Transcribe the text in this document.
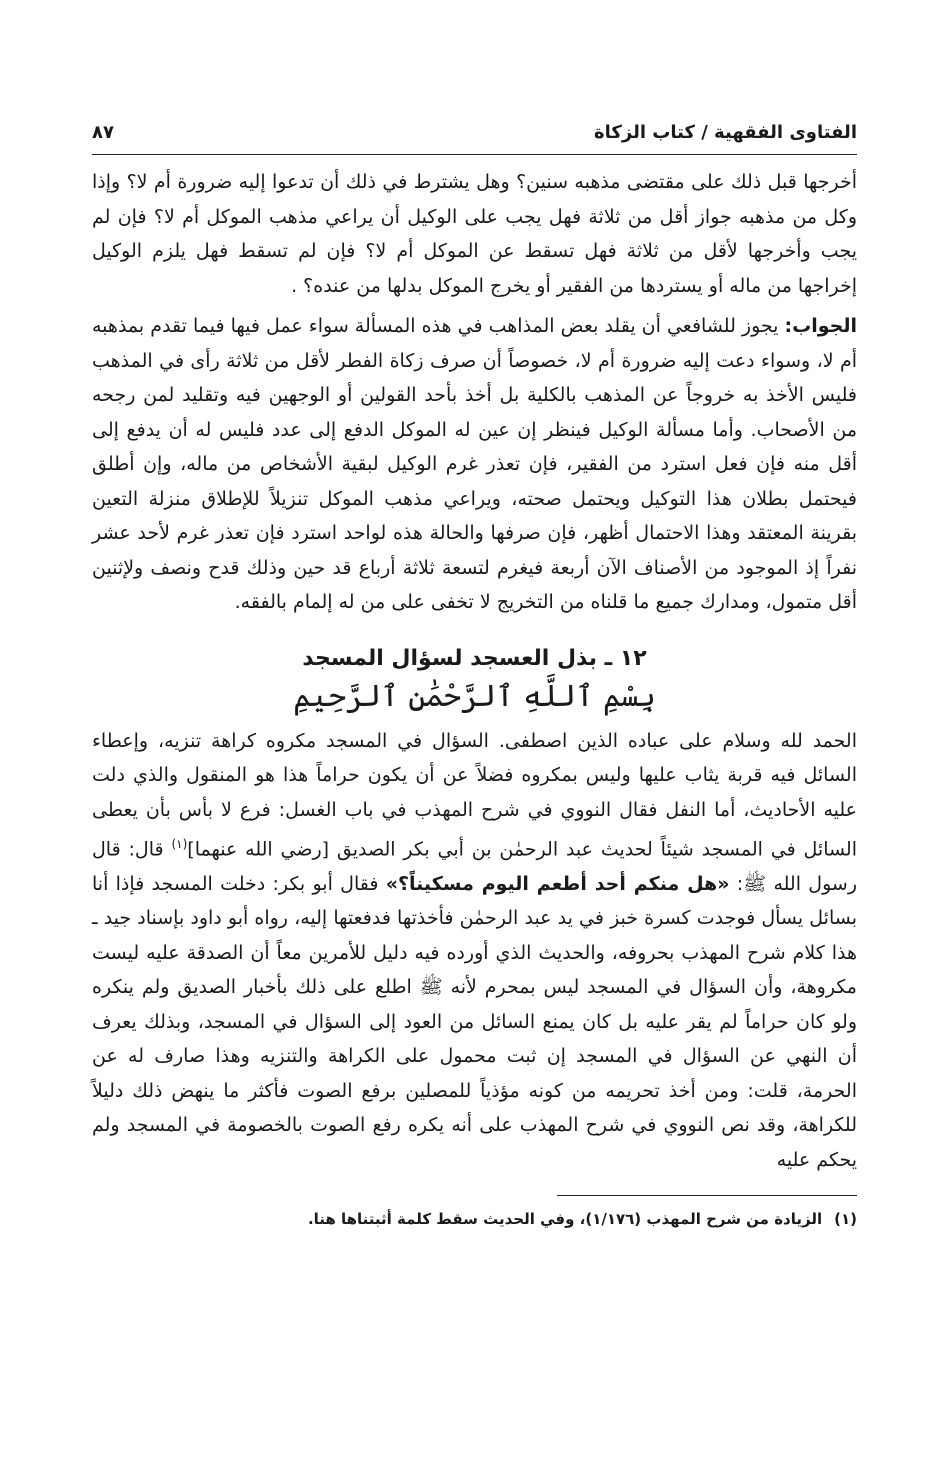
الفتاوى الفقهية / كتاب الزكاة
٨٧

أخرجها قبل ذلك على مقتضى مذهبه سنين؟ وهل يشترط في ذلك أن تدعوا إليه ضرورة أم لا؟ وإذا وكل من مذهبه جواز أقل من ثلاثة فهل يجب على الوكيل أن يراعي مذهب الموكل أم لا؟ فإن لم يجب وأخرجها لأقل من ثلاثة فهل تسقط عن الموكل أم لا؟ فإن لم تسقط فهل يلزم الوكيل إخراجها من ماله أو يستردها من الفقير أو يخرج الموكل بدلها من عنده؟ .

الجواب: يجوز للشافعي أن يقلد بعض المذاهب في هذه المسألة سواء عمل فيها فيما تقدم بمذهبه أم لا، وسواء دعت إليه ضرورة أم لا، خصوصاً أن صرف زكاة الفطر لأقل من ثلاثة رأى في المذهب فليس الأخذ به خروجاً عن المذهب بالكلية بل أخذ بأحد القولين أو الوجهين فيه وتقليد لمن رجحه من الأصحاب. وأما مسألة الوكيل فينظر إن عين له الموكل الدفع إلى عدد فليس له أن يدفع إلى أقل منه فإن فعل استرد من الفقير، فإن تعذر غرم الوكيل لبقية الأشخاص من ماله، وإن أطلق فيحتمل بطلان هذا التوكيل ويحتمل صحته، ويراعي مذهب الموكل تنزيلاً للإطلاق منزلة التعين بقرينة المعتقد وهذا الاحتمال أظهر، فإن صرفها والحالة هذه لواحد استرد فإن تعذر غرم لأحد عشر نفراً إذ الموجود من الأصناف الآن أربعة فيغرم لتسعة ثلاثة أرباع قد حين وذلك قدح ونصف ولإثنين أقل متمول، ومدارك جميع ما قلناه من التخريج لا تخفى على من له إلمام بالفقه.

١٢ ـ بذل العسجد لسؤال المسجد
بِسْمِ ٱللَّهِ ٱلرَّحْمَٰنِ ٱلرَّحِيمِ

الحمد لله وسلام على عباده الذين اصطفى. السؤال في المسجد مكروه كراهة تنزيه، وإعطاء السائل فيه قربة يثاب عليها وليس بمكروه فضلاً عن أن يكون حراماً هذا هو المنقول والذي دلت عليه الأحاديث، أما النفل فقال النووي في شرح المهذب في باب الغسل: فرع لا بأس بأن يعطى السائل في المسجد شيئاً لحديث عبد الرحمٰن بن أبي بكر الصديق [رضي الله عنهما]$^{(١)}$ قال: قال رسول الله ﷺ: «هل منكم أحد أطعم اليوم مسكيناً؟» فقال أبو بكر: دخلت المسجد فإذا أنا بسائل يسأل فوجدت كسرة خبز في يد عبد الرحمٰن فأخذتها فدفعتها إليه، رواه أبو داود بإسناد جيد ـ هذا كلام شرح المهذب بحروفه، والحديث الذي أورده فيه دليل للأمرين معاً أن الصدقة عليه ليست مكروهة، وأن السؤال في المسجد ليس بمحرم لأنه ﷺ اطلع على ذلك بأخبار الصديق ولم ينكره ولو كان حراماً لم يقر عليه بل كان يمنع السائل من العود إلى السؤال في المسجد، وبذلك يعرف أن النهي عن السؤال في المسجد إن ثبت محمول على الكراهة والتنزيه وهذا صارف له عن الحرمة، قلت: ومن أخذ تحريمه من كونه مؤذياً للمصلين برفع الصوت فأكثر ما ينهض ذلك دليلاً للكراهة، وقد نص النووي في شرح المهذب على أنه يكره رفع الصوت بالخصومة في المسجد ولم يحكم عليه

(١)الزيادة من شرح المهذب (١/١٧٦)، وفي الحديث سقط كلمة أثبتناها هنا.
